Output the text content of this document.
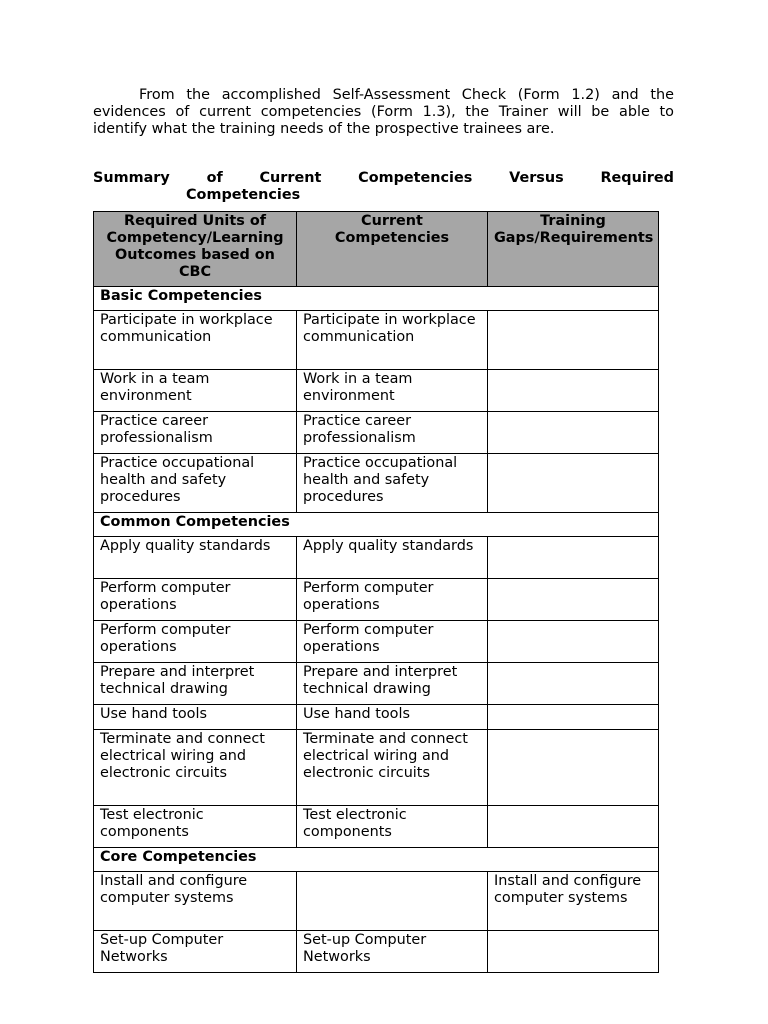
From the accomplished Self-Assessment Check (Form 1.2) and the evidences of current competencies (Form 1.3), the Trainer will be able to identify what the training needs of the prospective trainees are.

Summary	of	Current	Competencies	Versus	Required
Competencies
Required Units of Competency/Learning Outcomes based on CBC	Current Competencies	Training Gaps/Requirements
Basic Competencies		
Participate in workplace communication	Participate in workplace communication	
Work in a team environment	Work in a team environment	
Practice career professionalism	Practice career professionalism	
Practice occupational health and safety procedures	Practice occupational health and safety procedures	
Common Competencies		
Apply quality standards	Apply quality standards	
Perform computer operations	Perform computer operations	
Perform computer operations	Perform computer operations	
Prepare and interpret technical drawing	Prepare and interpret technical drawing	
Use hand tools	Use hand tools	
Terminate and connect electrical wiring and electronic circuits	Terminate and connect electrical wiring and electronic circuits	
Test electronic components	Test electronic components	
Core Competencies		
Install and configure computer systems		Install and configure computer systems
Set-up Computer Networks	Set-up Computer Networks	
